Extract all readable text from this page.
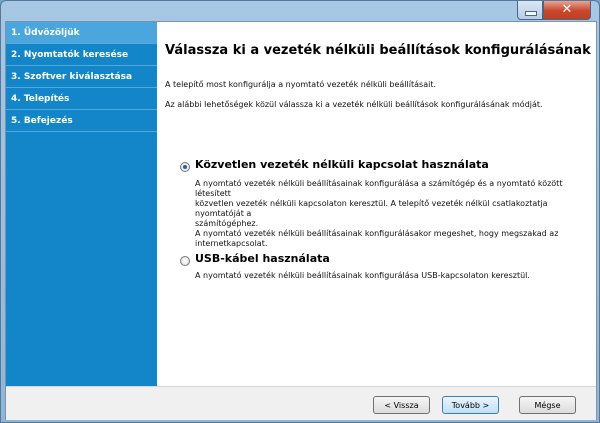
✕
1. Üdvözöljük
2. Nyomtatók keresése
3. Szoftver kiválasztása
4. Telepítés
5. Befejezés
Válassza ki a vezeték nélküli beállítások konfigurálásának
A telepítő most konfigurálja a nyomtató vezeték nélküli beállításait.
Az alábbi lehetőségek közül válassza ki a vezeték nélküli beállítások konfigurálásának módját.
Közvetlen vezeték nélküli kapcsolat használata
A nyomtató vezeték nélküli beállításainak konfigurálása a számítógép és a nyomtató között létesített
közvetlen vezeték nélküli kapcsolaton keresztül. A telepítő vezeték nélkül csatlakoztatja nyomtatóját a
számítógéphez.
A nyomtató vezeték nélküli beállításainak konfigurálásakor megeshet, hogy megszakad az
internetkapcsolat.
USB-kábel használata
A nyomtató vezeték nélküli beállításainak konfigurálása USB-kapcsolaton keresztül.
< Vissza	Tovább >	Mégse
